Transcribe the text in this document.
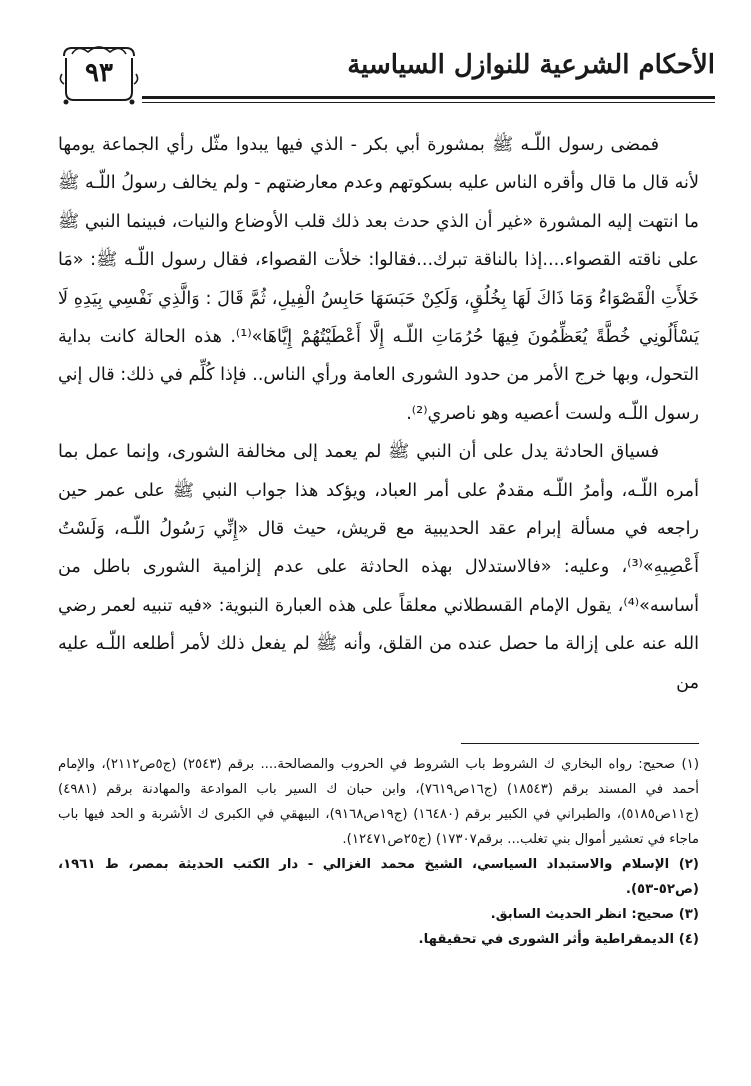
الأحكام الشرعية للنوازل السياسية
٩٣

فمضى رسول اللّـه ﷺ بمشورة أبي بكر - الذي فيها يبدوا مثّل رأي الجماعة يومها لأنه قال ما قال وأقره الناس عليه بسكوتهم وعدم معارضتهم - ولم يخالف رسولُ اللّـه ﷺ ما انتهت إليه المشورة «غير أن الذي حدث بعد ذلك قلب الأوضاع والنيات، فبينما النبي ﷺ على ناقته القصواء....إذا بالناقة تبرك...فقالوا: خلأت القصواء، فقال رسول اللّـه ﷺ: «مَا خَلأَتِ الْقَصْوَاءُ وَمَا ذَاكَ لَهَا بِخُلُقٍ، وَلَكِنْ حَبَسَهَا حَابِسُ الْفِيلِ، ثُمَّ قَالَ : وَالَّذِي نَفْسِي بِيَدِهِ لَا يَسْأَلُونِي خُطَّةً يُعَظِّمُونَ فِيهَا حُرُمَاتِ اللّـه إِلَّا أَعْطَيْتُهُمْ إِيَّاهَا»⁽¹⁾. هذه الحالة كانت بداية التحول، وبها خرج الأمر من حدود الشورى العامة ورأي الناس.. فإذا كُلِّم في ذلك: قال إني رسول اللّـه ولست أعصيه وهو ناصري⁽²⁾.

فسياق الحادثة يدل على أن النبي ﷺ لم يعمد إلى مخالفة الشورى، وإنما عمل بما أمره اللّـه، وأمرُ اللّـه مقدمٌ على أمر العباد، ويؤكد هذا جواب النبي ﷺ على عمر حين راجعه في مسألة إبرام عقد الحديبية مع قريش، حيث قال «إِنِّي رَسُولُ اللّـه، وَلَسْتُ أَعْصِيهِ»⁽³⁾، وعليه: «فالاستدلال بهذه الحادثة على عدم إلزامية الشورى باطل من أساسه»⁽⁴⁾، يقول الإمام القسطلاني معلقاً على هذه العبارة النبوية: «فيه تنبيه لعمر رضي الله عنه على إزالة ما حصل عنده من القلق، وأنه ﷺ لم يفعل ذلك لأمر أطلعه اللّـه عليه من

(١) صحيح: رواه البخاري ك الشروط باب الشروط في الحروب والمصالحة.... برقم (٢٥٤٣) (ج٥ص٢١١٢)، والإمام أحمد في المسند برقم (١٨٥٤٣) (ج١٦ص٧٦١٩)، وابن حبان ك السير باب الموادعة والمهادنة برقم (٤٩٨١) (ج١١ص٥١٨٥)، والطبراني في الكبير برقم (١٦٤٨٠) (ج١٩ص٩١٦٨)، البيهقي في الكبرى ك الأشربة و الحد فيها باب ماجاء في تعشير أموال بني تغلب... برقم١٧٣٠٧) (ج٢٥ص١٢٤٧١).

(٢) الإسلام والاستبداد السياسي، الشيخ محمد الغزالي - دار الكتب الحديثة بمصر، ط ١٩٦١،(ص٥٢-٥٣).

(٣) صحيح: انظر الحديث السابق.

(٤) الديمقراطية وأثر الشورى في تحقيقها.
